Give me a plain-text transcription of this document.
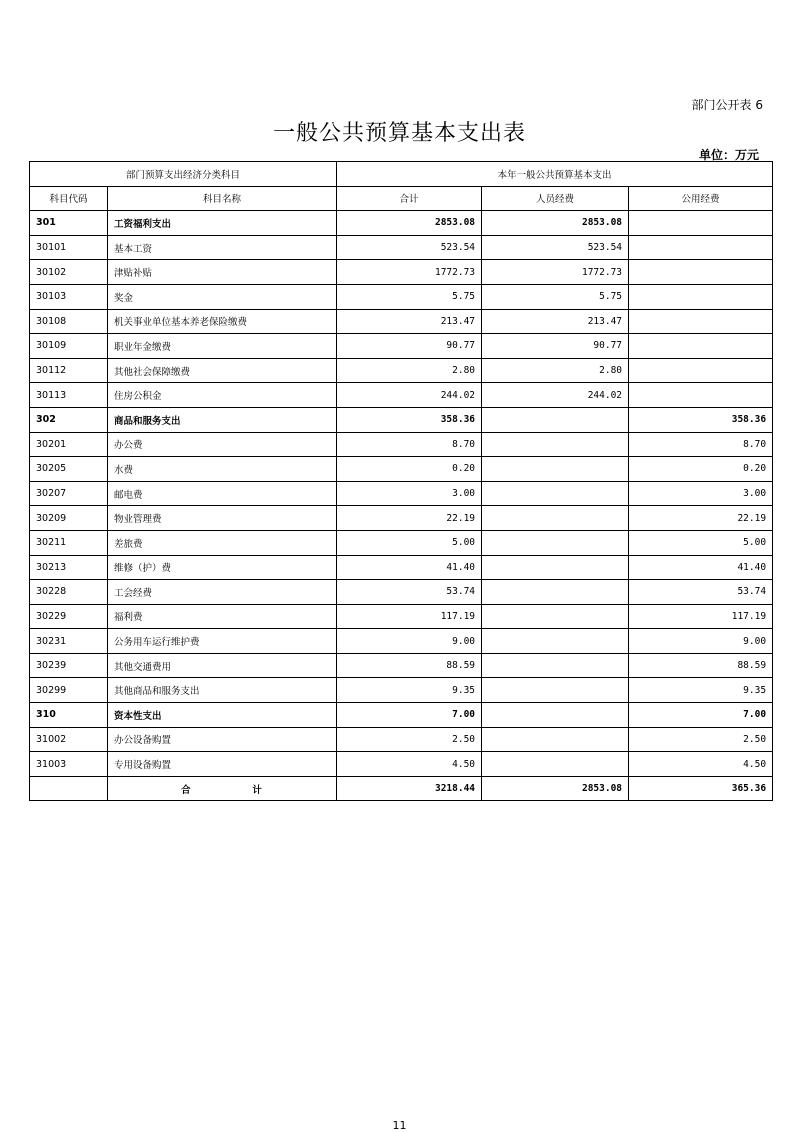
部门公开表 6
一般公共预算基本支出表
单位：万元
部门预算支出经济分类科目		本年一般公共预算基本支出		
科目代码	科目名称	合计	人员经费	公用经费
301	工资福利支出	2853.08	2853.08	
30101	基本工资	523.54	523.54	
30102	津贴补贴	1772.73	1772.73	
30103	奖金	5.75	5.75	
30108	机关事业单位基本养老保险缴费	213.47	213.47	
30109	职业年金缴费	90.77	90.77	
30112	其他社会保障缴费	2.80	2.80	
30113	住房公积金	244.02	244.02	
302	商品和服务支出	358.36		358.36
30201	办公费	8.70		8.70
30205	水费	0.20		0.20
30207	邮电费	3.00		3.00
30209	物业管理费	22.19		22.19
30211	差旅费	5.00		5.00
30213	维修（护）费	41.40		41.40
30228	工会经费	53.74		53.74
30229	福利费	117.19		117.19
30231	公务用车运行维护费	9.00		9.00
30239	其他交通费用	88.59		88.59
30299	其他商品和服务支出	9.35		9.35
310	资本性支出	7.00		7.00
31002	办公设备购置	2.50		2.50
31003	专用设备购置	4.50		4.50
	合 计	3218.44	2853.08	365.36
11
